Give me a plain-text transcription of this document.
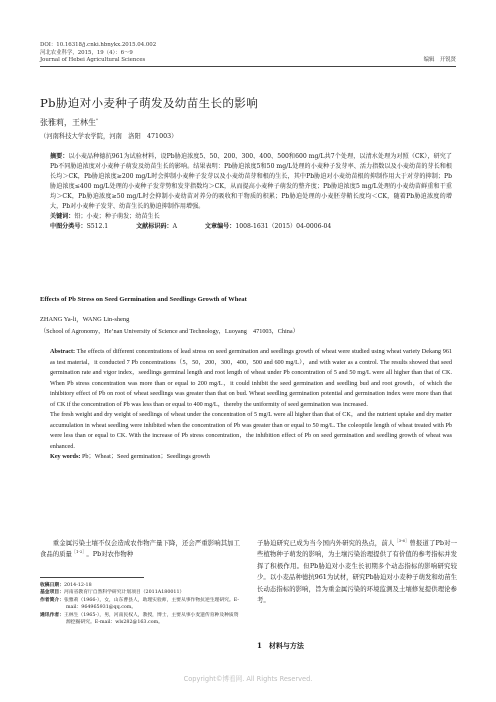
DOI：10.16318/j.cnki.hbnykx.2015.04.002
河北农业科学，2015，19（4）：6～9
Journal of Hebei Agricultural Sciences	编辑　开锐贤
Pb胁迫对小麦种子萌发及幼苗生长的影响
张雅莉，王林生*
（河南科技大学农学院，河南　洛阳　471003）

摘要：以小麦品种德抗961为试验材料，设Pb胁迫浓度5、50、200、300、400、500和600 mg/L共7个处理，以清水处理为对照（CK），研究了Pb不同胁迫浓度对小麦种子萌发及幼苗生长的影响。结果表明：Pb胁迫浓度5和50 mg/L处理的小麦种子发芽率、活力指数以及小麦幼苗的芽长和根长均＞CK，Pb胁迫浓度≥200 mg/L时会抑制小麦种子发芽以及小麦幼苗芽和根的生长，其中Pb胁迫对小麦幼苗根的抑制作用大于对芽的抑制；Pb胁迫浓度≤400 mg/L处理的小麦种子发芽势和发芽指数均＞CK，从而提高小麦种子萌发的整齐度；Pb胁迫浓度5 mg/L处理的小麦幼苗鲜重和干重均＞CK，Pb胁迫浓度≥50 mg/L时会抑制小麦幼苗对养分的吸收和干物质的积累；Pb胁迫处理的小麦胚芽鞘长度均＜CK，随着Pb胁迫浓度的增大，Pb对小麦种子发芽、幼苗生长的胁迫抑制作用增强。

关键词：铅；小麦；种子萌发；幼苗生长

中图分类号：S512.1	文献标识码：A	文章编号：1008-1631（2015）04-0006-04

Effects of Pb Stress on Seed Germination and Seedlings Growth of Wheat
ZHANG Ya-li，WANG Lin-sheng
（School of Agronomy，He’nan University of Science and Technology，Luoyang　471003，China）

Abstract: The effects of different concentrations of lead stress on seed germination and seedlings growth of wheat were studied using wheat variety Dekang 961 as test material，it conducted 7 Pb concentrations（5，50，200，300，400，500 and 600 mg/L），and with water as a control. The results showed that seed germination rate and vigor index，seedlings germinal length and root length of wheat under Pb concentration of 5 and 50 mg/L were all higher than that of CK. When Pb stress concentration was more than or equal to 200 mg/L，it could inhibit the seed germination and seedling bud and root growth，of which the inhibitory effect of Pb on root of wheat seedlings was greater than that on bud. Wheat seedling germination potential and germination index were more than that of CK if the concentration of Pb was less than or equal to 400 mg/L，thereby the uniformity of seed germination was increased.

The fresh weight and dry weight of seedlings of wheat under the concentration of 5 mg/L were all higher than that of CK，and the nutrient uptake and dry matter accumulation in wheat seedling were inhibited when the concentration of Pb was greater than or equal to 50 mg/L. The coleoptile length of wheat treated with Pb were less than or equal to CK. With the increase of Pb stress concentration，the inhibition effect of Pb on seed germination and seedling growth of wheat was enhanced.

Key words: Pb；Wheat；Seed germination；Seedlings growth

重金属污染土壤不仅会造成农作物产量下降，还会严重影响其加工食品的质量$^{[1-2]}$。Pb对农作物种

收稿日期：2014-12-18
基金项目：河南省教育厅自然科学研究计划项目（2011A180011）
作者简介：张雅莉（1966-），女，山东曹县人，助理实验师，主要从事作物抗逆生理研究。E-mail：964965931@qq.com。
通讯作者：王林生（1965-），男，河南民权人，教授，博士，主要从事小麦遗传育种及种质资源挖掘研究。E-mail：wls282@163.com。

子胁迫研究已成为当今国内外研究的热点，前人$^{[3-6]}$曾报道了Pb对一些植物种子萌发的影响，为土壤污染治理提供了有价值的参考指标并发挥了积极作用。但Pb胁迫对小麦生长初期多个动态指标的影响研究较少。以小麦品种德抗961为试材，研究Pb胁迫对小麦种子萌发和幼苗生长动态指标的影响，旨为重金属污染的环境监测及土壤修复提供理论参考。

1　材料与方法
Copyright©博看网. All Rights Reserved.
